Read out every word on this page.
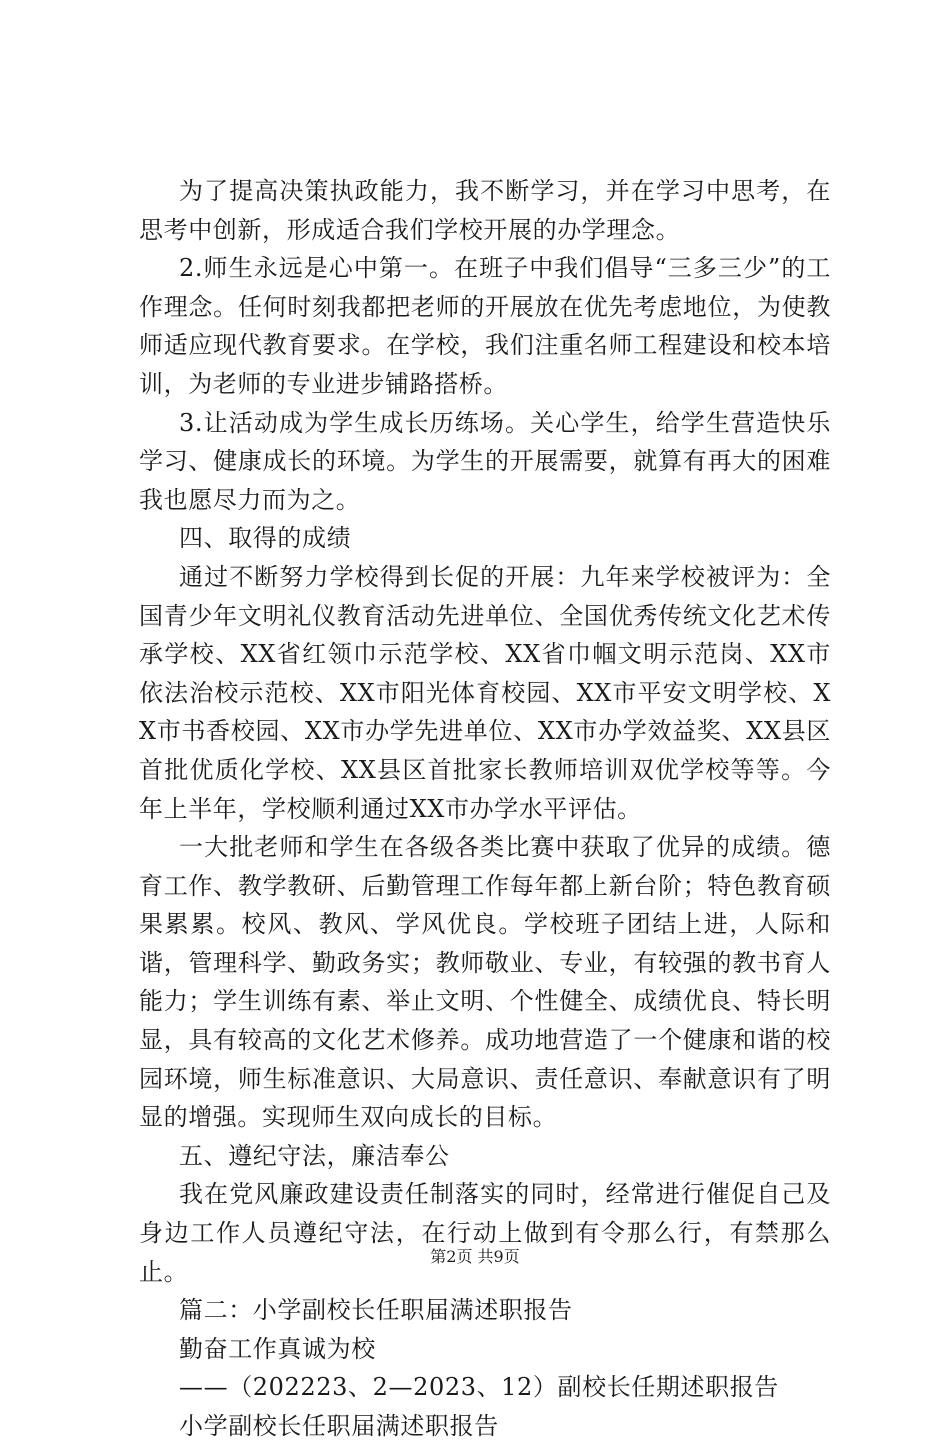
为了提高决策执政能力，我不断学习，并在学习中思考，在思考中创新，形成适合我们学校开展的办学理念。

2.师生永远是心中第一。在班子中我们倡导“三多三少”的工作理念。任何时刻我都把老师的开展放在优先考虑地位，为使教师适应现代教育要求。在学校，我们注重名师工程建设和校本培训，为老师的专业进步铺路搭桥。

3.让活动成为学生成长历练场。关心学生，给学生营造快乐学习、健康成长的环境。为学生的开展需要，就算有再大的困难我也愿尽力而为之。

四、取得的成绩

通过不断努力学校得到长促的开展：九年来学校被评为：全国青少年文明礼仪教育活动先进单位、全国优秀传统文化艺术传承学校、XX省红领巾示范学校、XX省巾帼文明示范岗、XX市依法治校示范校、XX市阳光体育校园、XX市平安文明学校、XX市书香校园、XX市办学先进单位、XX市办学效益奖、XX县区首批优质化学校、XX县区首批家长教师培训双优学校等等。今年上半年，学校顺利通过XX市办学水平评估。

一大批老师和学生在各级各类比赛中获取了优异的成绩。德育工作、教学教研、后勤管理工作每年都上新台阶；特色教育硕果累累。校风、教风、学风优良。学校班子团结上进，人际和谐，管理科学、勤政务实；教师敬业、专业，有较强的教书育人能力；学生训练有素、举止文明、个性健全、成绩优良、特长明显，具有较高的文化艺术修养。成功地营造了一个健康和谐的校园环境，师生标准意识、大局意识、责任意识、奉献意识有了明显的增强。实现师生双向成长的目标。

五、遵纪守法，廉洁奉公

我在党风廉政建设责任制落实的同时，经常进行催促自己及身边工作人员遵纪守法，在行动上做到有令那么行，有禁那么止。

篇二：小学副校长任职届满述职报告

勤奋工作真诚为校

——（202223、2—2023、12）副校长任期述职报告

小学副校长任职届满述职报告

第2页 共9页
